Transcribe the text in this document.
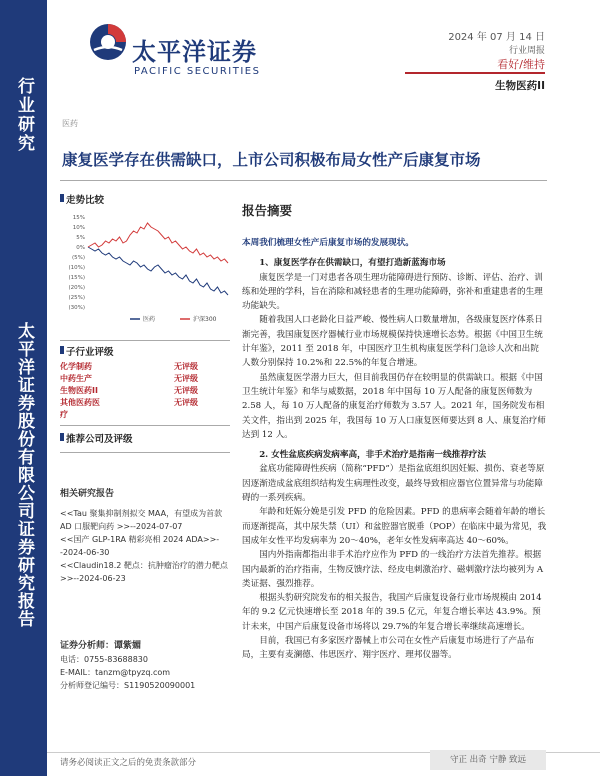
行业研究
太平洋证券股份有限公司证券研究报告
太平洋证券
PACIFIC SECURITIES
2024 年 07 月 14 日
行业周报
看好/维持
生物医药II
医药
康复医学存在供需缺口，上市公司积极布局女性产后康复市场
走势比较
15%
10%
5%
0%
(5%)
(10%)
(15%)
(20%)
(25%)
(30%)
医药	沪深300
子行业评级
化学制药	无评级
中药生产	无评级
生物医药II	无评级
其他医药医	无评级
疗
推荐公司及评级
相关研究报告

<<Tau 聚集抑制剂拟交 MAA，有望成为首款 AD 口服靶向药 >>--2024-07-07

<<国产 GLP-1RA 精彩亮相 2024 ADA>>--2024-06-30

<<Claudin18.2 靶点：抗肿瘤治疗的潜力靶点>>--2024-06-23

证券分析师：谭紫媚
电话：0755-83688830
E-MAIL：tanzm@tpyzq.com
分析师登记编号：S1190520090001
报告摘要
本周我们梳理女性产后康复市场的发展现状。
1、康复医学存在供需缺口，有望打造新蓝海市场

康复医学是一门对患者各项生理功能障碍进行预防、诊断、评估、治疗、训练和处理的学科，旨在消除和减轻患者的生理功能障碍，弥补和重建患者的生理功能缺失。

随着我国人口老龄化日益严峻、慢性病人口数量增加，各级康复医疗体系日渐完善，我国康复医疗器械行业市场规模保持快速增长态势。根据《中国卫生统计年鉴》，2011 至 2018 年，中国医疗卫生机构康复医学科门急诊人次和出院人数分别保持 10.2%和 22.5%的年复合增速。

虽然康复医学潜力巨大，但目前我国仍存在较明显的供需缺口。根据《中国卫生统计年鉴》和华与威数据，2018 年中国每 10 万人配备的康复医师数为 2.58 人，每 10 万人配备的康复治疗师数为 3.57 人。2021 年，国务院发布相关文件，指出到 2025 年，我国每 10 万人口康复医师要达到 8 人、康复治疗师达到 12 人。

2. 女性盆底疾病发病率高，非手术治疗是指南一线推荐疗法

盆底功能障碍性疾病（简称“PFD”）是指盆底组织因妊娠、损伤、衰老等原因逐渐造成盆底组织结构发生病理性改变，最终导致相应器官位置异常与功能障碍的一系列疾病。

年龄和妊娠分娩是引发 PFD 的危险因素。PFD 的患病率会随着年龄的增长而逐渐提高，其中尿失禁（UI）和盆腔器官脱垂（POP）在临床中最为常见，我国成年女性平均发病率为 20～40%，老年女性发病率高达 40～60%。

国内外指南都指出非手术治疗应作为 PFD 的一线治疗方法首先推荐。根据国内最新的治疗指南，生物反馈疗法、经皮电刺激治疗、磁刺激疗法均被列为 A 类证据、强烈推荐。

根据头豹研究院发布的相关报告，我国产后康复设备行业市场规模由 2014 年的 9.2 亿元快速增长至 2018 年的 39.5 亿元，年复合增长率达 43.9%。预计未来，中国产后康复设备市场将以 29.7%的年复合增长率继续高速增长。

目前，我国已有多家医疗器械上市公司在女性产后康复市场进行了产品布局，主要有麦澜德、伟思医疗、翔宇医疗、理邦仪器等。

请务必阅读正文之后的免责条款部分	守正 出奇 宁静 致远
